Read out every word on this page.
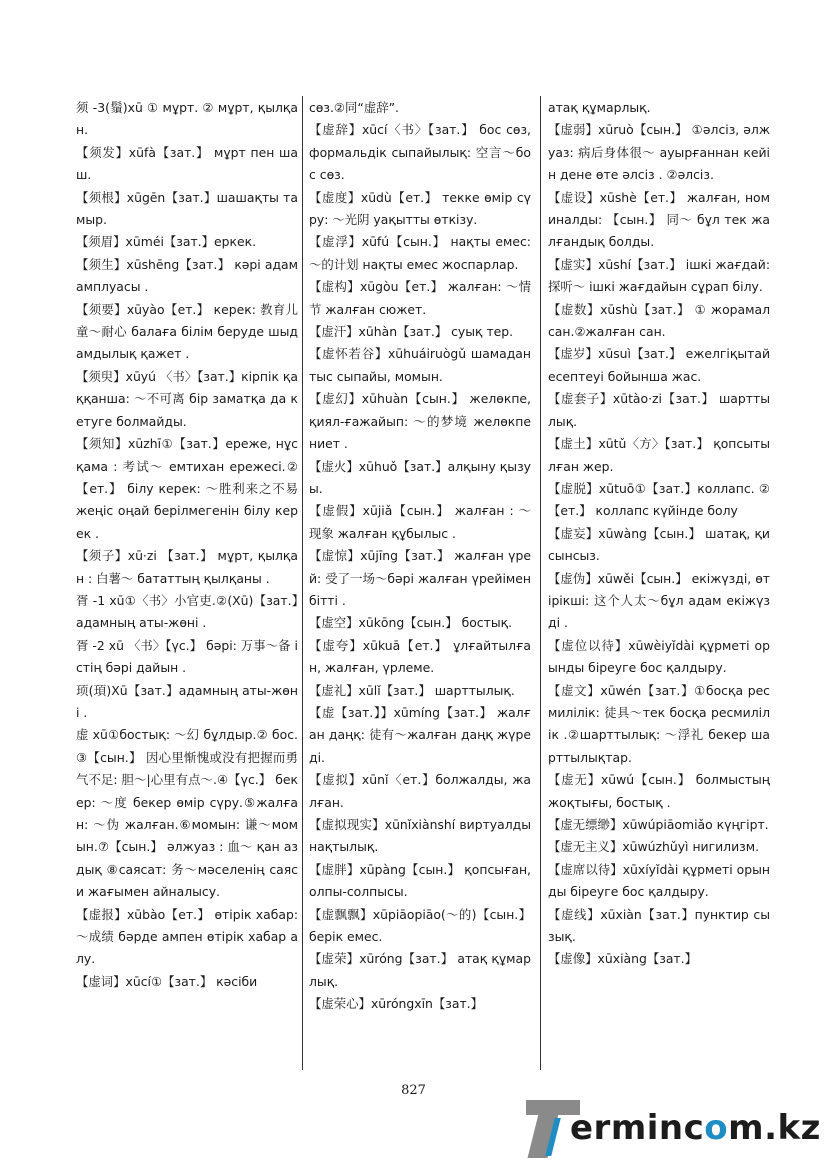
须 -3(鬚)xū ① мұрт. ② мұрт, қылқан.

【须发】xūfà【зат.】 мұрт пен шаш.

【须根】xūgēn【зат.】шашақты тамыр.

【须眉】xūméi【зат.】еркек.

【须生】xūshēng【зат.】 кәрі адам амплуасы .

【须要】xūyào【ет.】 керек: 教育儿童～耐心 балаға білім беруде шыдамдылық қажет .

【须臾】xūyú 〈书〉【зат.】кірпік қаққанша: ～不可离 бір заматқа да кетуге болмайды.

【须知】xūzhī①【зат.】ереже, нұсқама : 考试～ емтихан ережесі.②【ет.】 білу керек: ～胜利来之不易 жеңіс оңай берілмегенін білу керек .

【须子】xū·zi 【зат.】 мұрт, қылқан : 白薯～ бататтың қылқаны .

胥 -1 xū①〈书〉小官吏.②(Xū)【зат.】адамның аты-жөні .

胥 -2 xū 〈书〉【үс.】 бәрі: 万事～备 істің бәрі дайын .

顼(頊)Xū【зат.】адамның аты-жөні .

虚 xū①бостық: ～幻 бұлдыр.② бос.③【сын.】 因心里惭愧或没有把握而勇气不足: 胆～|心里有点～.④【үс.】 бекер: ～度 бекер өмір сүру.⑤жалған: ～伪 жалған.⑥момын: 谦～момын.⑦【сын.】 әлжуаз : 血～ қан аздық ⑧саясат: 务～мәселенің саяси жағымен айналысу.

【虚报】xūbào【ет.】 өтірік хабар: ～成绩 бәрде ампен өтірік хабар алу.

【虚词】xūcí①【зат.】 кәсіби

сөз.②同“虚辞”.

【虚辞】xūcí〈书〉【зат.】 бос сөз, формальдік сыпайылық: 空言～бос сөз.

【虚度】xūdù【ет.】 текке өмір сүру: ～光阴 уақытты өткізу.

【虚浮】xūfú【сын.】 нақты емес: ～的计划 нақты емес жоспарлар.

【虚构】xūgòu【ет.】 жалған: ～情节 жалған сюжет.

【虚汗】xūhàn【зат.】 суық тер.

【虚怀若谷】xūhuáiruògǔ шамадан тыс сыпайы, момын.

【虚幻】xūhuàn【сын.】 желөкпе, қиял-ғажайып: ～的梦境 желөкпе ниет .

【虚火】xūhuǒ【зат.】алқыну қызуы.

【虚假】xūjiǎ【сын.】 жалған : ～现象 жалған құбылыс .

【虚惊】xūjīng【зат.】 жалған үрей: 受了一场～бәрі жалған үрейімен бітті .

【虚空】xūkōng【сын.】 бостық.

【虚夸】xūkuā【ет.】 ұлғайтылған, жалған, үрлеме.

【虚礼】xūlǐ【зат.】 шарттылық.

【虚【зат.】】xūmíng【зат.】 жалған даңқ: 徒有～жалған даңқ жүреді.

【虚拟】xūnǐ〈ет.】болжалды, жалған.

【虚拟现实】xūnǐxiànshí виртуалды нақтылық.

【虚胖】xūpàng【сын.】 қопсыған, олпы-солпысы.

【虚飘飘】xūpiāopiāo(～的)【сын.】 берік емес.

【虚荣】xūróng【зат.】 атақ құмарлық.

【虚荣心】xūróngxīn【зат.】

атақ құмарлық.

【虚弱】xūruò【сын.】 ①әлсіз, әлжуаз: 病后身体很～ ауырғаннан кейін дене өте әлсіз . ②әлсіз.

【虚设】xūshè【ет.】 жалған, номиналды: 【сын.】 同～ бұл тек жалғандық болды.

【虚实】xūshí【зат.】 ішкі жағдай: 探听～ ішкі жағдайын сұрап білу.

【虚数】xūshù【зат.】 ① жорамал сан.②жалған сан.

【虚岁】xūsuì【зат.】 ежелгіқытай есептеуі бойынша жас.

【虚套子】xūtào·zi【зат.】 шарттылық.

【虚土】xūtǔ〈方〉【зат.】 қопсытылған жер.

【虚脱】xūtuō①【зат.】коллапс. ②【ет.】 коллапс күйінде болу

【虚妄】xūwàng【сын.】 шатақ, қисынсыз.

【虚伪】xūwěi【сын.】 екіжүзді, өтірікші: 这个人太～бұл адам екіжүзді .

【虚位以待】xūwèiyǐdài құрметі орынды біреуге бос қалдыру.

【虚文】xūwén【зат.】①босқа ресмилілік: 徒具～тек босқа ресмилілік .②шарттылық: ～浮礼 бекер шарттылықтар.

【虚无】xūwú【сын.】 болмыстың жоқтығы, бостық .

【虚无缥缈】xūwúpiāomiǎo күңгірт.

【虚无主义】xūwúzhǔyì нигилизм.

【虚席以待】xūxíyǐdài құрметі орынды біреуге бос қалдыру.

【虚线】xūxiàn【зат.】пунктир сызық.

【虚像】xūxiàng【зат.】

827
ermincom.kz
